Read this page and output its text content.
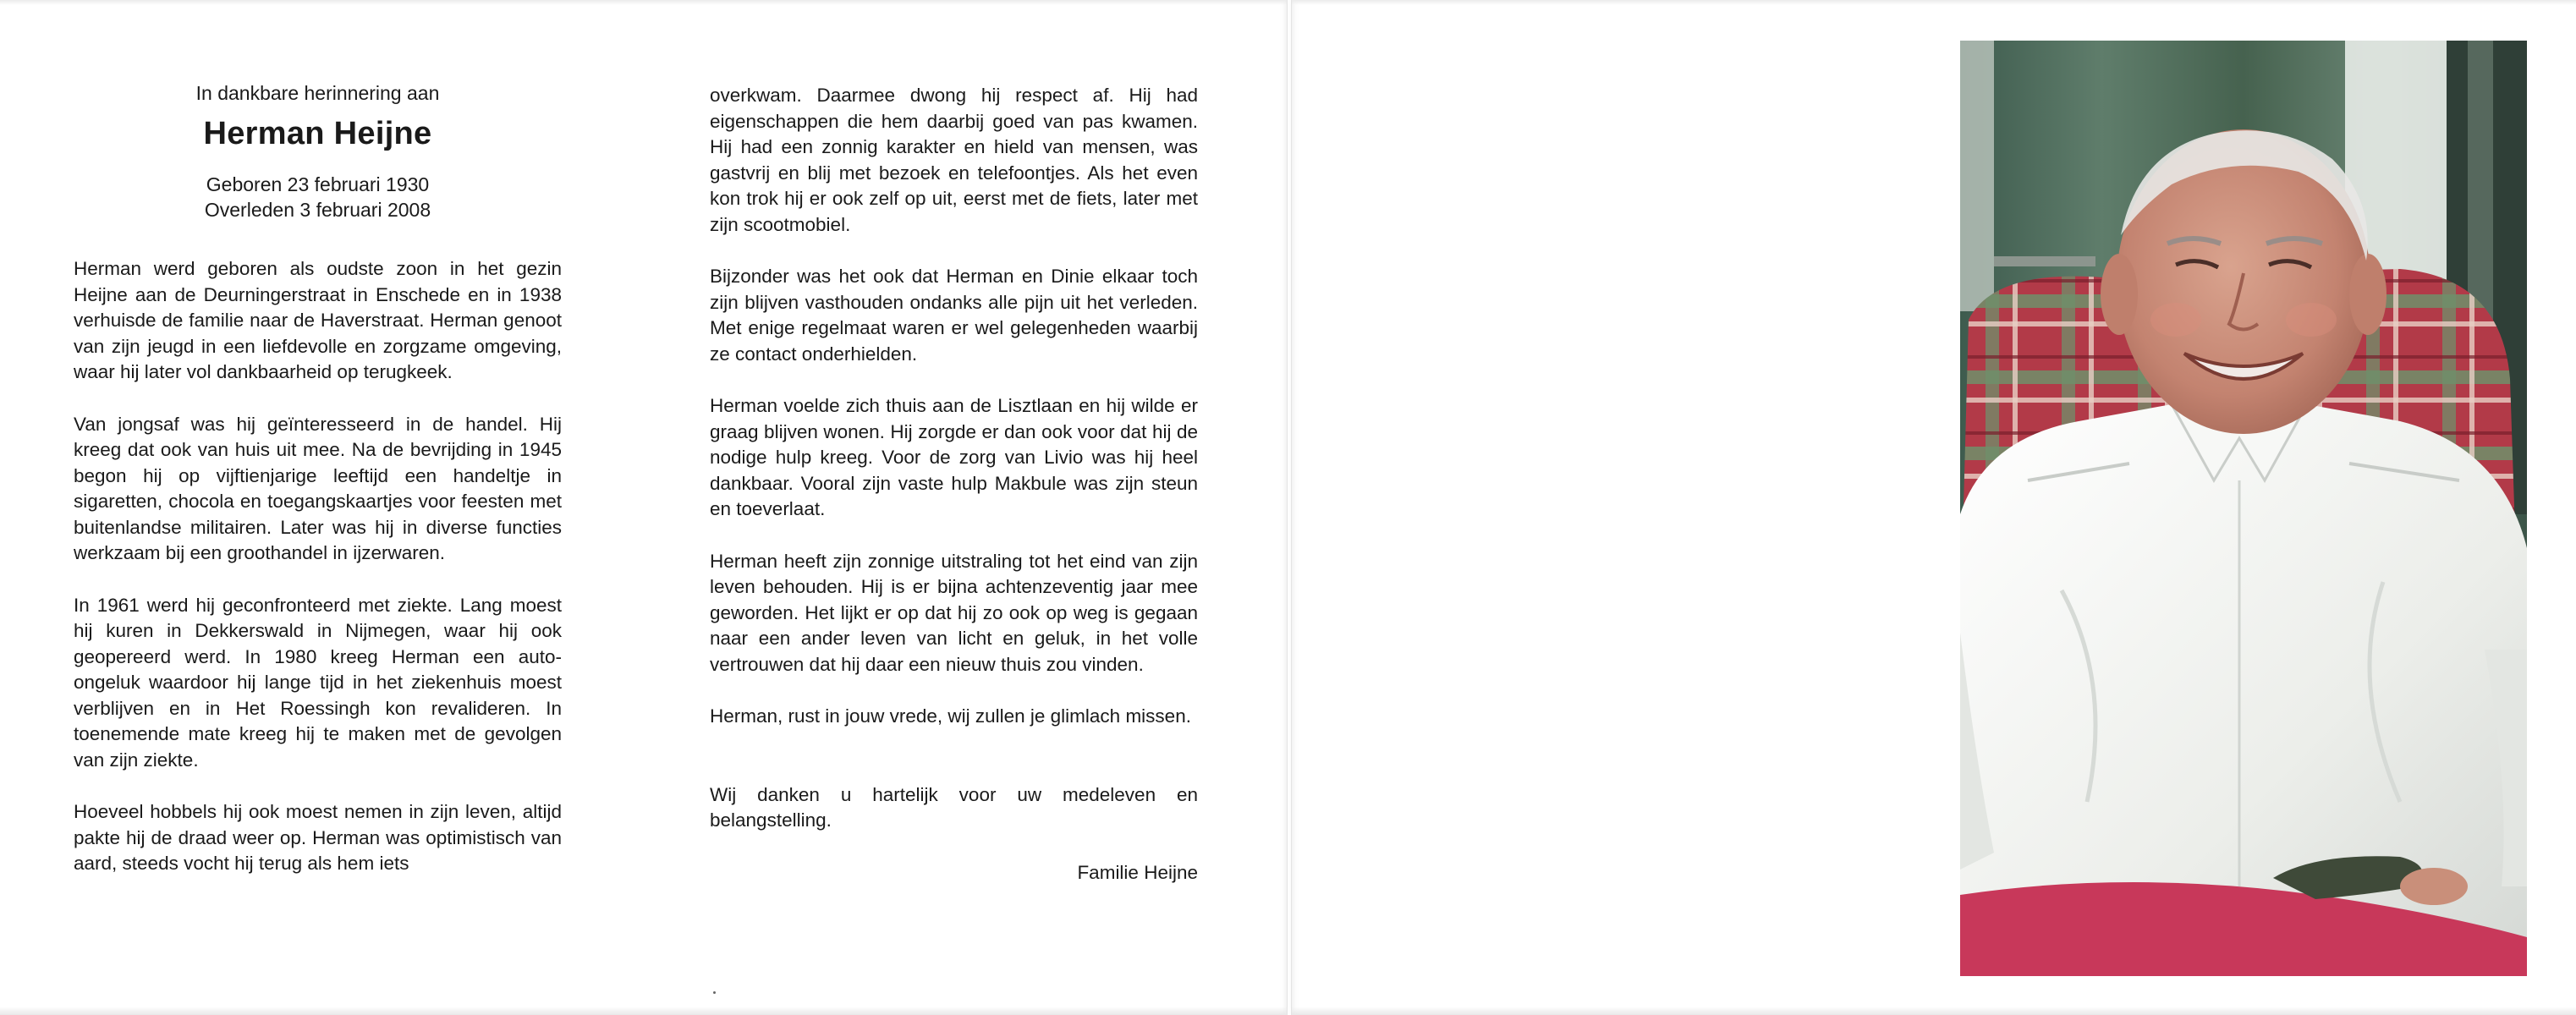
In dankbare herinnering aan
Herman Heijne
Geboren 23 februari 1930
Overleden 3 februari 2008

Herman werd geboren als oudste zoon in het gezin Heijne aan de Deurningerstraat in Enschede en in 1938 verhuisde de familie naar de Haverstraat. Herman genoot van zijn jeugd in een liefdevolle en zorgzame omgeving, waar hij later vol dankbaarheid op terugkeek.

Van jongsaf was hij geïnteresseerd in de handel. Hij kreeg dat ook van huis uit mee. Na de bevrijding in 1945 begon hij op vijftienjarige leeftijd een handeltje in sigaretten, chocola en toegangskaartjes voor feesten met buitenlandse militairen. Later was hij in diverse functies werkzaam bij een groothandel in ijzerwaren.

In 1961 werd hij geconfronteerd met ziekte. Lang moest hij kuren in Dekkerswald in Nijmegen, waar hij ook geopereerd werd. In 1980 kreeg Herman een auto-ongeluk waardoor hij lange tijd in het ziekenhuis moest verblijven en in Het Roessingh kon revalideren. In toenemende mate kreeg hij te maken met de gevolgen van zijn ziekte.

Hoeveel hobbels hij ook moest nemen in zijn leven, altijd pakte hij de draad weer op. Herman was optimistisch van aard, steeds vocht hij terug als hem iets

overkwam. Daarmee dwong hij respect af. Hij had eigenschappen die hem daarbij goed van pas kwamen. Hij had een zonnig karakter en hield van mensen, was gastvrij en blij met bezoek en telefoontjes. Als het even kon trok hij er ook zelf op uit, eerst met de fiets, later met zijn scootmobiel.

Bijzonder was het ook dat Herman en Dinie elkaar toch zijn blijven vasthouden ondanks alle pijn uit het verleden. Met enige regelmaat waren er wel gelegenheden waarbij ze contact onderhielden.

Herman voelde zich thuis aan de Lisztlaan en hij wilde er graag blijven wonen. Hij zorgde er dan ook voor dat hij de nodige hulp kreeg. Voor de zorg van Livio was hij heel dankbaar. Vooral zijn vaste hulp Makbule was zijn steun en toeverlaat.

Herman heeft zijn zonnige uitstraling tot het eind van zijn leven behouden. Hij is er bijna achtenzeventig jaar mee geworden. Het lijkt er op dat hij zo ook op weg is gegaan naar een ander leven van licht en geluk, in het volle vertrouwen dat hij daar een nieuw thuis zou vinden.

Herman, rust in jouw vrede, wij zullen je glimlach missen.

Wij danken u hartelijk voor uw medeleven en belangstelling.

Familie Heijne
